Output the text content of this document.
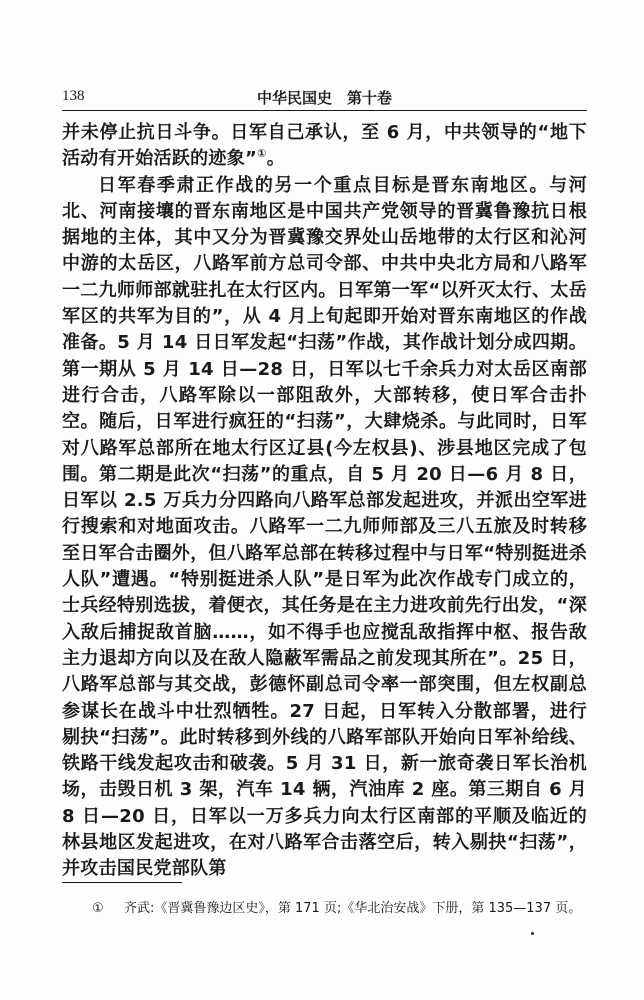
138	中华民国史　第十卷

并未停止抗日斗争。日军自己承认，至 6 月，中共领导的“地下活动有开始活跃的迹象”①。

日军春季肃正作战的另一个重点目标是晋东南地区。与河北、河南接壤的晋东南地区是中国共产党领导的晋冀鲁豫抗日根据地的主体，其中又分为晋冀豫交界处山岳地带的太行区和沁河中游的太岳区，八路军前方总司令部、中共中央北方局和八路军一二九师师部就驻扎在太行区内。日军第一军“以歼灭太行、太岳军区的共军为目的”，从 4 月上旬起即开始对晋东南地区的作战准备。5 月 14 日日军发起“扫荡”作战，其作战计划分成四期。第一期从 5 月 14 日—28 日，日军以七千余兵力对太岳区南部进行合击，八路军除以一部阻敌外，大部转移，使日军合击扑空。随后，日军进行疯狂的“扫荡”，大肆烧杀。与此同时，日军对八路军总部所在地太行区辽县(今左权县)、涉县地区完成了包围。第二期是此次“扫荡”的重点，自 5 月 20 日—6 月 8 日，日军以 2.5 万兵力分四路向八路军总部发起进攻，并派出空军进行搜索和对地面攻击。八路军一二九师师部及三八五旅及时转移至日军合击圈外，但八路军总部在转移过程中与日军“特别挺进杀人队”遭遇。“特别挺进杀人队”是日军为此次作战专门成立的，士兵经特别选拔，着便衣，其任务是在主力进攻前先行出发，“深入敌后捕捉敌首脑……，如不得手也应搅乱敌指挥中枢、报告敌主力退却方向以及在敌人隐蔽军需品之前发现其所在”。25 日，八路军总部与其交战，彭德怀副总司令率一部突围，但左权副总参谋长在战斗中壮烈牺牲。27 日起，日军转入分散部署，进行剔抉“扫荡”。此时转移到外线的八路军部队开始向日军补给线、铁路干线发起攻击和破袭。5 月 31 日，新一旅奇袭日军长治机场，击毁日机 3 架，汽车 14 辆，汽油库 2 座。第三期自 6 月 8 日—20 日，日军以一万多兵力向太行区南部的平顺及临近的林县地区发起进攻，在对八路军合击落空后，转入剔抉“扫荡”，并攻击国民党部队第

① 齐武:《晋冀鲁豫边区史》，第 171 页;《华北治安战》下册，第 135—137 页。
